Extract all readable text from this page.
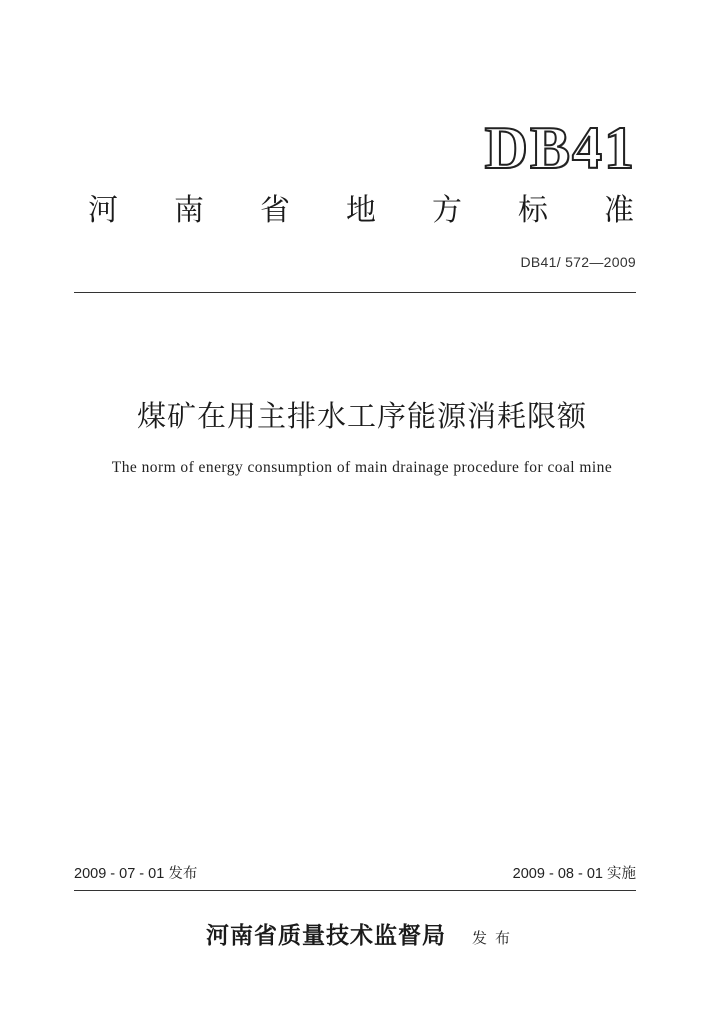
DB41
河 南 省 地 方 标 准
DB41/ 572—2009
煤矿在用主排水工序能源消耗限额
The norm of energy consumption of main drainage procedure for coal mine
2009 - 07 - 01 发布	2009 - 08 - 01 实施
河南省质量技术监督局 发布
